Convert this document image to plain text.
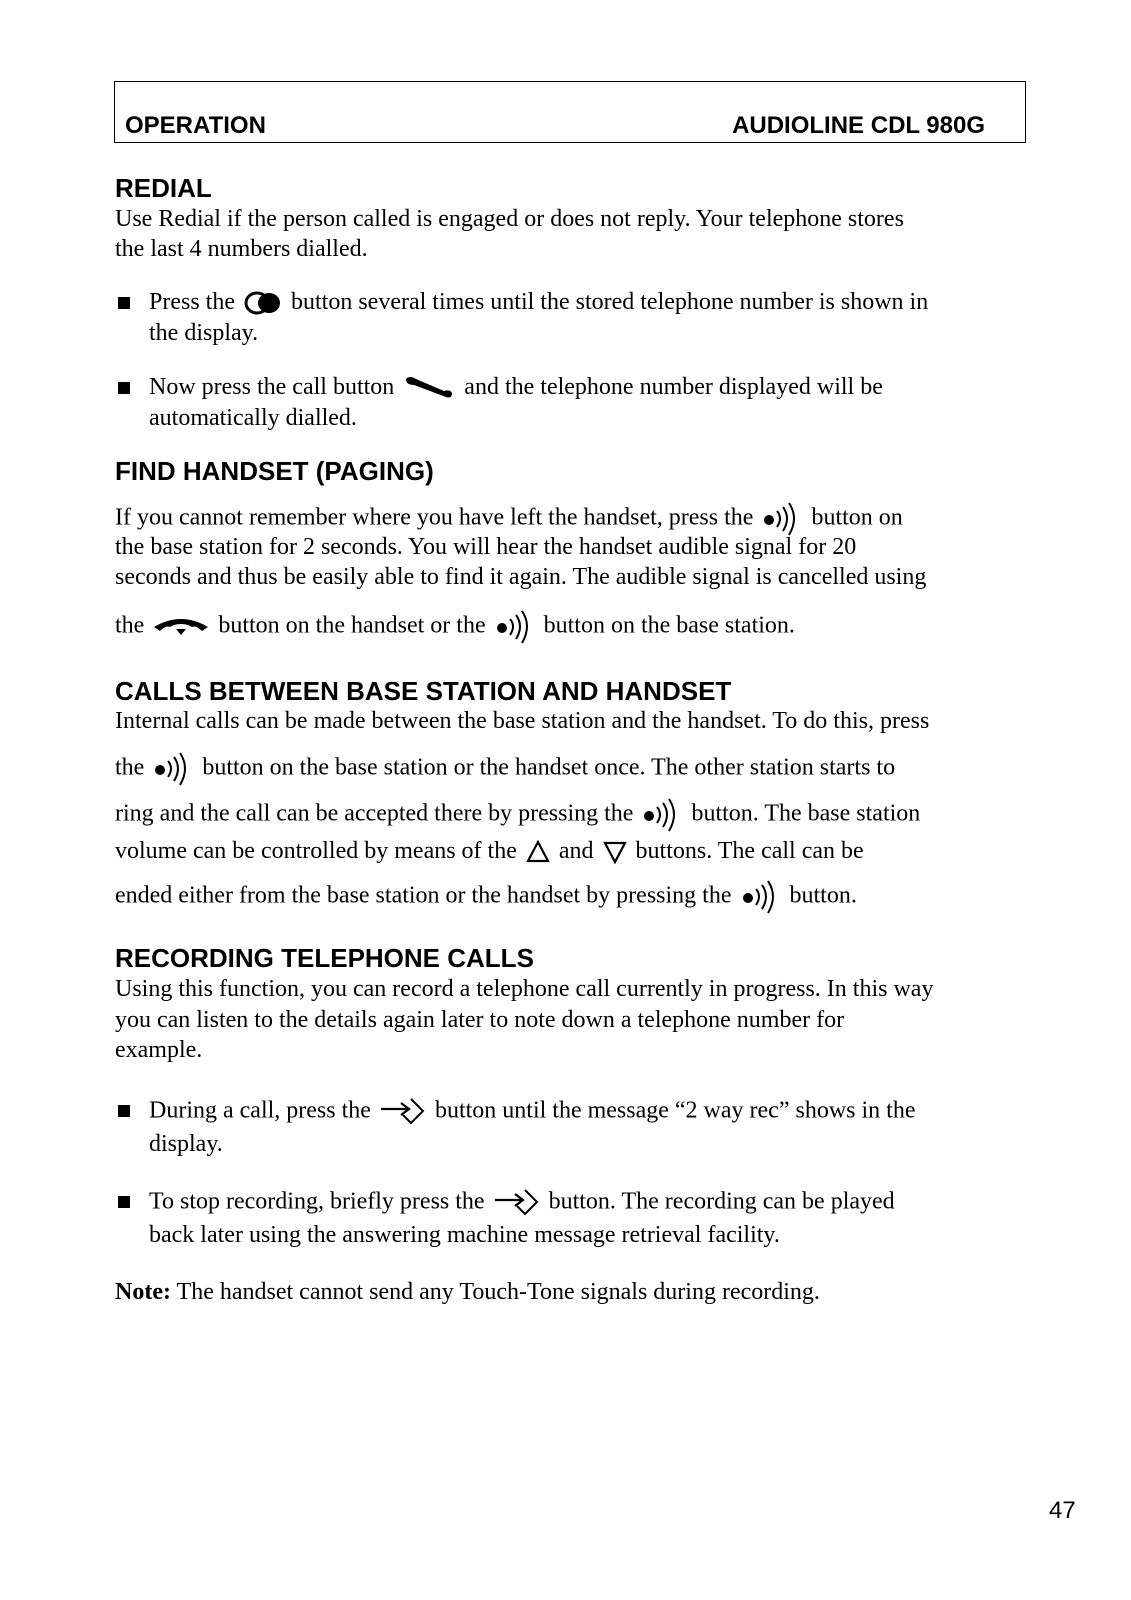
OPERATION	AUDIOLINE CDL 980G
REDIAL
Use Redial if the person called is engaged or does not reply. Your telephone stores
the last 4 numbers dialled.
Press the button several times until the stored telephone number is shown in
the display.
Now press the call button	and the telephone number displayed will be
automatically dialled.
FIND HANDSET (PAGING)
If you cannot remember where you have left the handset, press the button on
the base station for 2 seconds. You will hear the handset audible signal for 20
seconds and thus be easily able to find it again. The audible signal is cancelled using
the	button on the handset or the button on the base station.
CALLS BETWEEN BASE STATION AND HANDSET
Internal calls can be made between the base station and the handset. To do this, press
the button on the base station or the handset once. The other station starts to
ring and the call can be accepted there by pressing the button. The base station
volume can be controlled by means of the and buttons. The call can be
ended either from the base station or the handset by pressing the button.
RECORDING TELEPHONE CALLS
Using this function, you can record a telephone call currently in progress. In this way
you can listen to the details again later to note down a telephone number for
example.
During a call, press the	button until the message “2 way rec” shows in the
display.
To stop recording, briefly press the	button. The recording can be played
back later using the answering machine message retrieval facility.
Note: The handset cannot send any Touch-Tone signals during recording.
47
